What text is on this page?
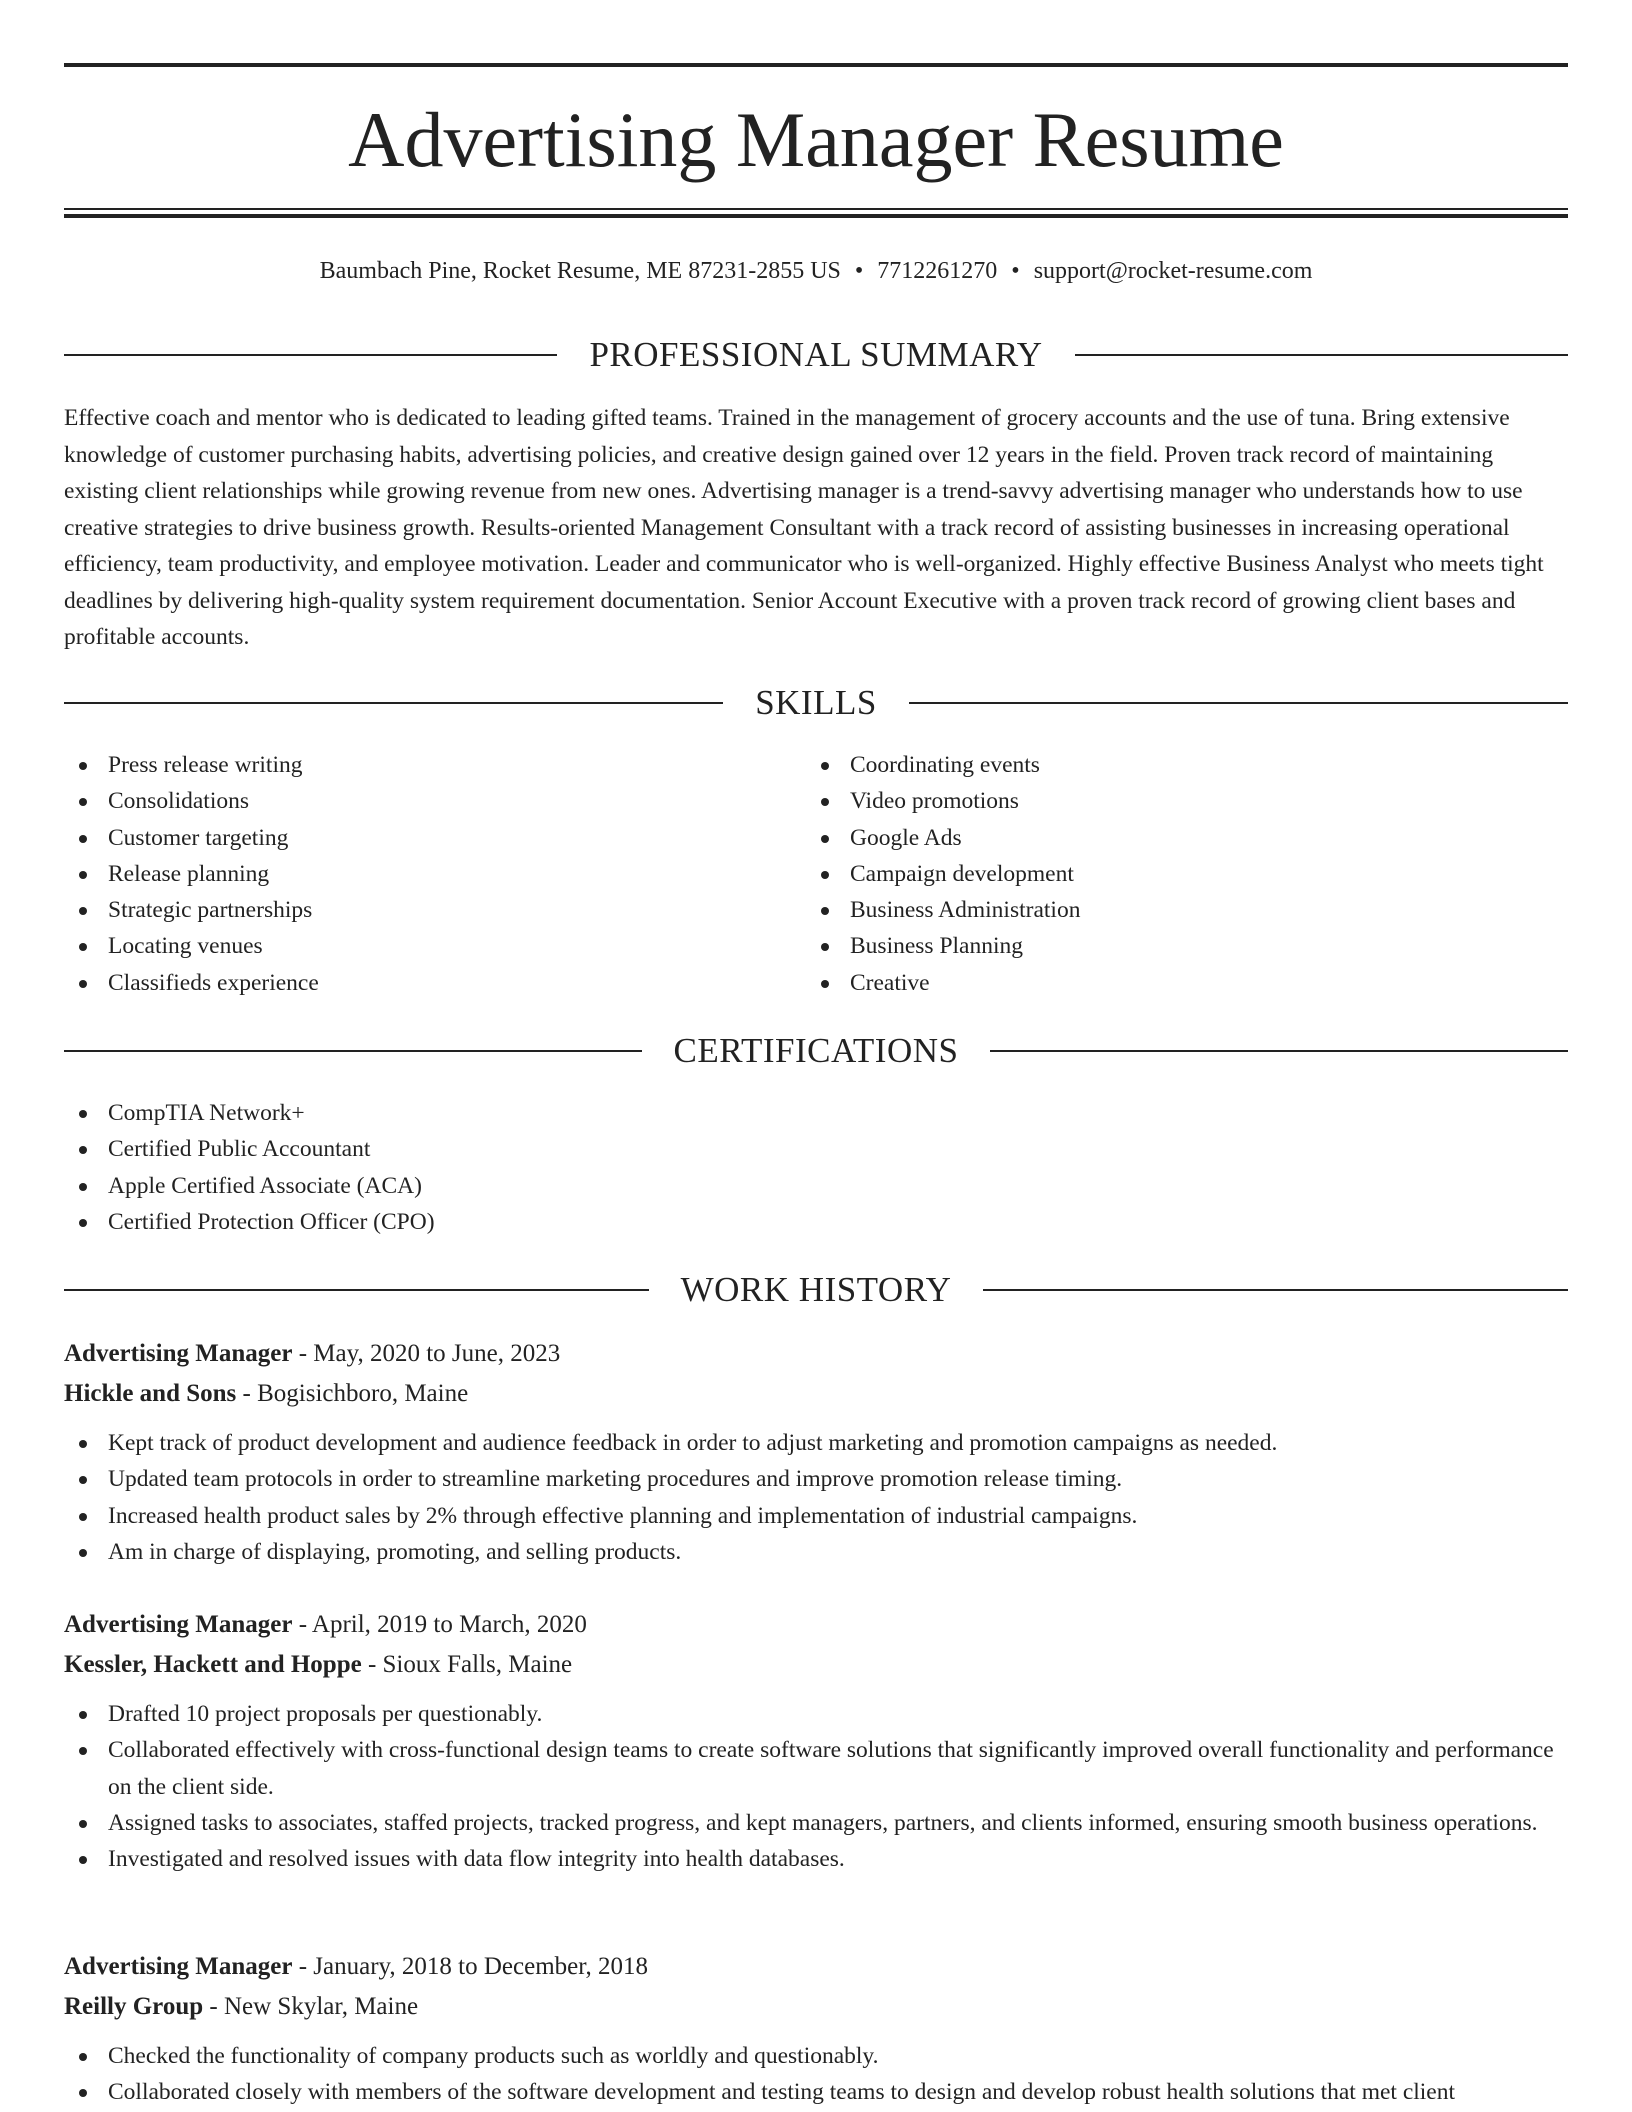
Advertising Manager Resume
Baumbach Pine, Rocket Resume, ME 87231-2855 US • 7712261270 • support@rocket-resume.com
PROFESSIONAL SUMMARY

Effective coach and mentor who is dedicated to leading gifted teams. Trained in the management of grocery accounts and the use of tuna. Bring extensive knowledge of customer purchasing habits, advertising policies, and creative design gained over 12 years in the field. Proven track record of maintaining existing client relationships while growing revenue from new ones. Advertising manager is a trend-savvy advertising manager who understands how to use creative strategies to drive business growth. Results-oriented Management Consultant with a track record of assisting businesses in increasing operational efficiency, team productivity, and employee motivation. Leader and communicator who is well-organized. Highly effective Business Analyst who meets tight deadlines by delivering high-quality system requirement documentation. Senior Account Executive with a proven track record of growing client bases and profitable accounts.

SKILLS
Press release writing
Consolidations
Customer targeting
Release planning
Strategic partnerships
Locating venues
Classifieds experience
Coordinating events
Video promotions
Google Ads
Campaign development
Business Administration
Business Planning
Creative
CERTIFICATIONS
CompTIA Network+
Certified Public Accountant
Apple Certified Associate (ACA)
Certified Protection Officer (CPO)
WORK HISTORY
Advertising Manager - May, 2020 to June, 2023
Hickle and Sons - Bogisichboro, Maine
Kept track of product development and audience feedback in order to adjust marketing and promotion campaigns as needed.
Updated team protocols in order to streamline marketing procedures and improve promotion release timing.
Increased health product sales by 2% through effective planning and implementation of industrial campaigns.
Am in charge of displaying, promoting, and selling products.
Advertising Manager - April, 2019 to March, 2020
Kessler, Hackett and Hoppe - Sioux Falls, Maine
Drafted 10 project proposals per questionably.
Collaborated effectively with cross-functional design teams to create software solutions that significantly improved overall functionality and performance on the client side.
Assigned tasks to associates, staffed projects, tracked progress, and kept managers, partners, and clients informed, ensuring smooth business operations.
Investigated and resolved issues with data flow integrity into health databases.
Advertising Manager - January, 2018 to December, 2018
Reilly Group - New Skylar, Maine
Checked the functionality of company products such as worldly and questionably.
Collaborated closely with members of the software development and testing teams to design and develop robust health solutions that met client
